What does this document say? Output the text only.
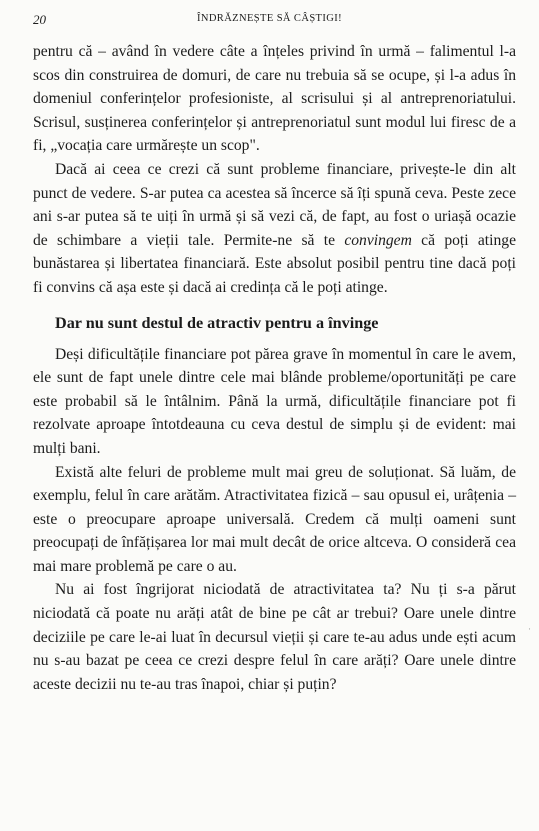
20	ÎNDRĂZNEȘTE SĂ CÂȘTIGI!

pentru că – având în vedere câte a înțeles privind în urmă – falimentul l-a scos din construirea de domuri, de care nu trebuia să se ocupe, și l-a adus în domeniul conferințelor profesioniste, al scrisului și al antreprenoriatului. Scrisul, susținerea conferințelor și antreprenoriatul sunt modul lui firesc de a fi, „vocația care urmărește un scop".

Dacă ai ceea ce crezi că sunt probleme financiare, privește-le din alt punct de vedere. S-ar putea ca acestea să încerce să îți spună ceva. Peste zece ani s-ar putea să te uiți în urmă și să vezi că, de fapt, au fost o uriașă ocazie de schimbare a vieții tale. Permite-ne să te convingem că poți atinge bunăstarea și libertatea financiară. Este absolut posibil pentru tine dacă poți fi convins că așa este și dacă ai credința că le poți atinge.

Dar nu sunt destul de atractiv pentru a învinge

Deși dificultățile financiare pot părea grave în momentul în care le avem, ele sunt de fapt unele dintre cele mai blânde probleme/oportunități pe care este probabil să le întâlnim. Până la urmă, dificultățile financiare pot fi rezolvate aproape întotdeauna cu ceva destul de simplu și de evident: mai mulți bani.

Există alte feluri de probleme mult mai greu de soluționat. Să luăm, de exemplu, felul în care arătăm. Atractivitatea fizică – sau opusul ei, urâțenia – este o preocupare aproape universală. Credem că mulți oameni sunt preocupați de înfățișarea lor mai mult decât de orice altceva. O consideră cea mai mare problemă pe care o au.

Nu ai fost îngrijorat niciodată de atractivitatea ta? Nu ți s-a părut niciodată că poate nu arăți atât de bine pe cât ar trebui? Oare unele dintre deciziile pe care le-ai luat în decursul vieții și care te-au adus unde ești acum nu s-au bazat pe ceea ce crezi despre felul în care arăți? Oare unele dintre aceste decizii nu te-au tras înapoi, chiar și puțin?

·
